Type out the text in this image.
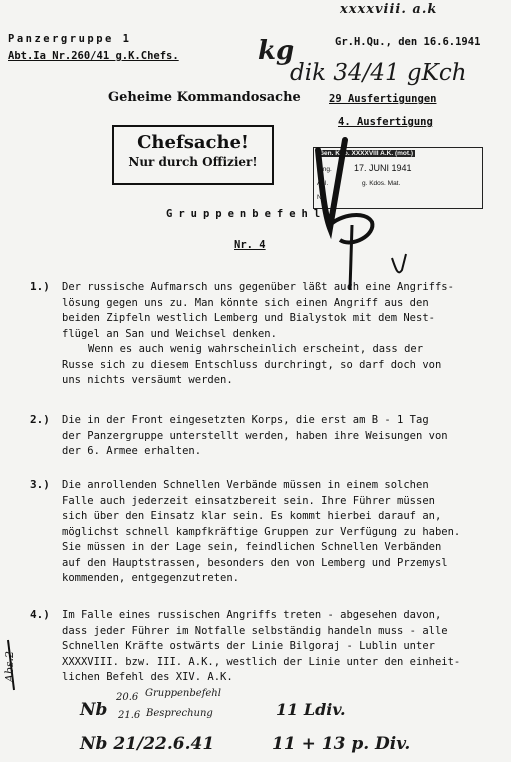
xxxxviii. a.k
Panzergruppe 1
Abt.Ia Nr.260/41 g.K.Chefs.
Gr.H.Qu., den 16.6.1941
kg
dik 34/41 gKch
Geheime Kommandosache	29 Ausfertigungen
4. Ausfertigung
Chefsache!
Nur durch Offizier!
Gen. Kdo. XXXXVIII A.K. (mot.)
Eing. 17. JUNI 1941
Anl.	g. Kdos. Mat.
Nr.
Gruppenbefehl
Nr. 4
1.)	Der russische Aufmarsch uns gegenüber läßt auch eine Angriffs-
lösung gegen uns zu. Man könnte sich einen Angriff aus den
beiden Zipfeln westlich Lemberg und Bialystok mit dem Nest-
flügel an San und Weichsel denken.
Wenn es auch wenig wahrscheinlich erscheint, dass der
Russe sich zu diesem Entschluss durchringt, so darf doch von
uns nichts versäumt werden.
2.)	Die in der Front eingesetzten Korps, die erst am B - 1 Tag
der Panzergruppe unterstellt werden, haben ihre Weisungen von
der 6. Armee erhalten.
3.)	Die anrollenden Schnellen Verbände müssen in einem solchen
Falle auch jederzeit einsatzbereit sein. Ihre Führer müssen
sich über den Einsatz klar sein. Es kommt hierbei darauf an,
möglichst schnell kampfkräftige Gruppen zur Verfügung zu haben.
Sie müssen in der Lage sein, feindlichen Schnellen Verbänden
auf den Hauptstrassen, besonders den von Lemberg und Przemysl
kommenden, entgegenzutreten.
4.)	Im Falle eines russischen Angriffs treten - abgesehen davon,
dass jeder Führer im Notfalle selbständig handeln muss - alle
Schnellen Kräfte ostwärts der Linie Bilgoraj - Lublin unter
XXXXVIII. bzw. III. A.K., westlich der Linie unter den einheit-
lichen Befehl des XIV. A.K.
Abs.2
Nb
20.6
21.6
Gruppenbefehl
Besprechung	11 Ldiv.
Nb 21/22.6.41	11 + 13 p. Div.
